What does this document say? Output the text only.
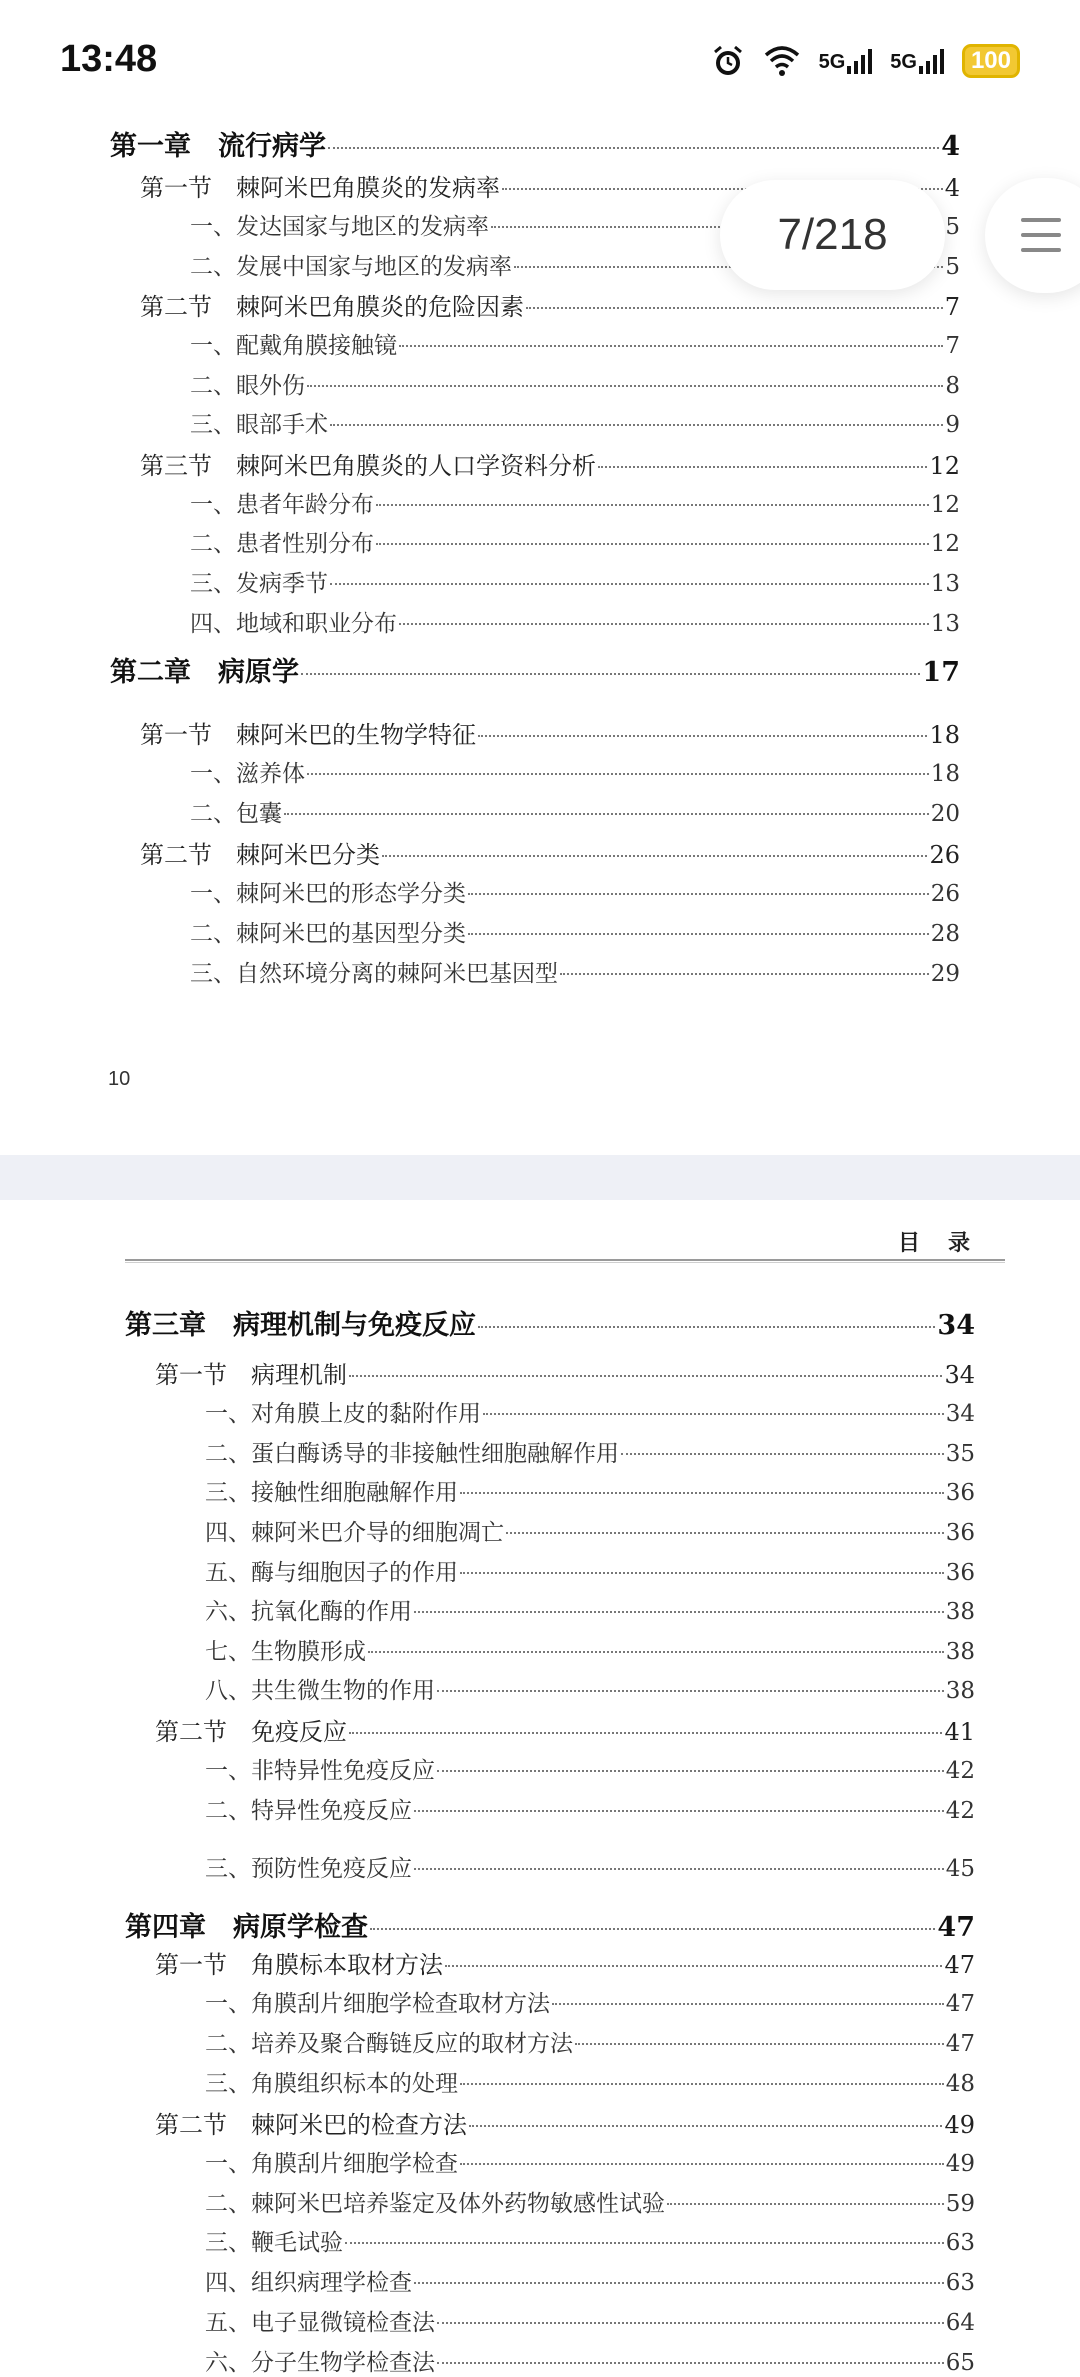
13:48	5G 5G	100
第一章　流行病学	4
第一节　棘阿米巴角膜炎的发病率	4
一、发达国家与地区的发病率	5
二、发展中国家与地区的发病率	5
第二节　棘阿米巴角膜炎的危险因素	7
一、配戴角膜接触镜	7
二、眼外伤	8
三、眼部手术	9
第三节　棘阿米巴角膜炎的人口学资料分析	12
一、患者年龄分布	12
二、患者性别分布	12
三、发病季节	13
四、地域和职业分布	13
第二章　病原学	17
第一节　棘阿米巴的生物学特征	18
一、滋养体	18
二、包囊	20
第二节　棘阿米巴分类	26
一、棘阿米巴的形态学分类	26
二、棘阿米巴的基因型分类	28
三、自然环境分离的棘阿米巴基因型	29
10
目录
第三章　病理机制与免疫反应	34
第一节　病理机制	34
一、对角膜上皮的黏附作用	34
二、蛋白酶诱导的非接触性细胞融解作用	35
三、接触性细胞融解作用	36
四、棘阿米巴介导的细胞凋亡	36
五、酶与细胞因子的作用	36
六、抗氧化酶的作用	38
七、生物膜形成	38
八、共生微生物的作用	38
第二节　免疫反应	41
一、非特异性免疫反应	42
二、特异性免疫反应	42
三、预防性免疫反应	45
第四章　病原学检查	47
第一节　角膜标本取材方法	47
一、角膜刮片细胞学检查取材方法	47
二、培养及聚合酶链反应的取材方法	47
三、角膜组织标本的处理	48
第二节　棘阿米巴的检查方法	49
一、角膜刮片细胞学检查	49
二、棘阿米巴培养鉴定及体外药物敏感性试验	59
三、鞭毛试验	63
四、组织病理学检查	63
五、电子显微镜检查法	64
六、分子生物学检查法	65
7/218
